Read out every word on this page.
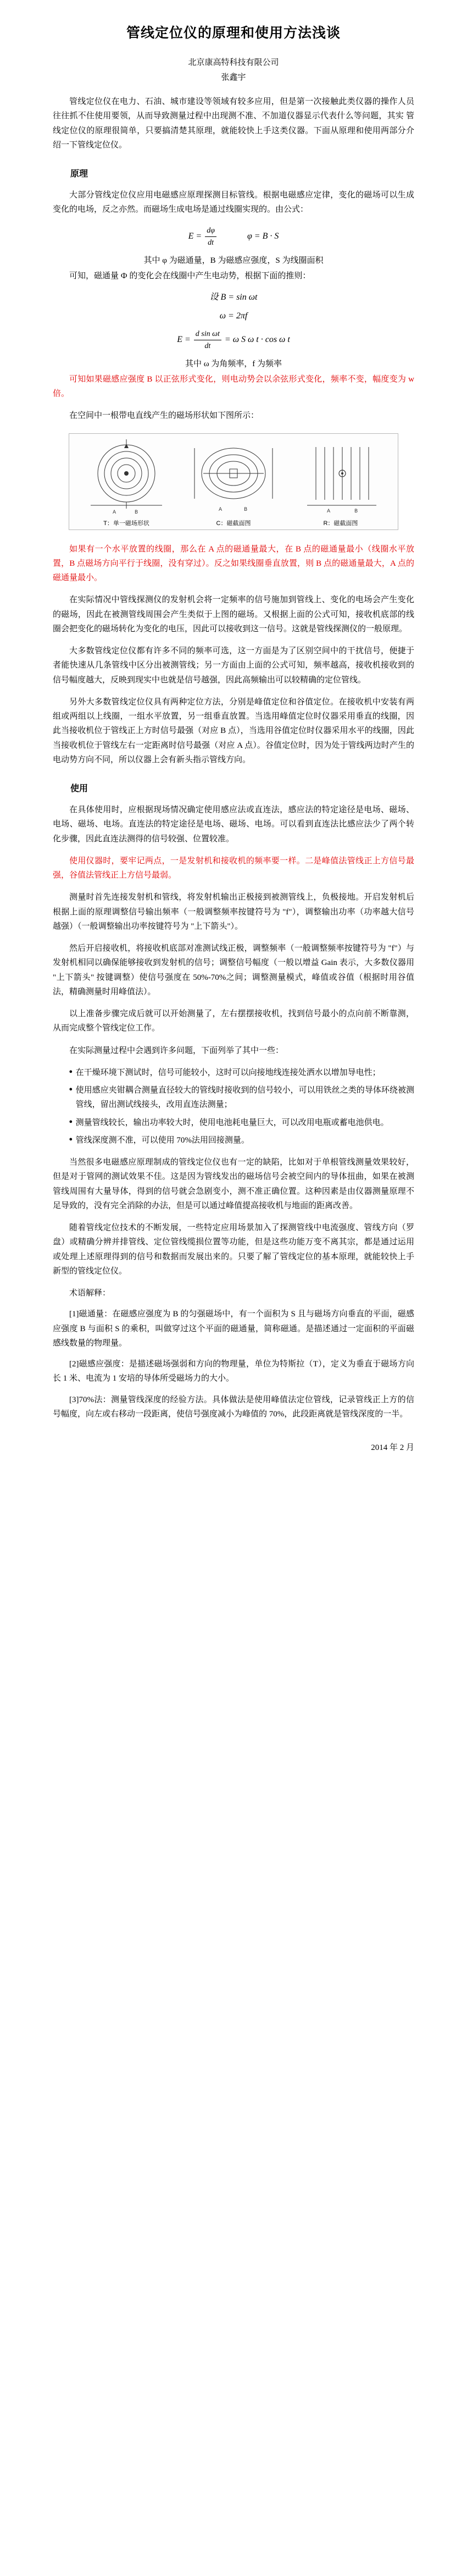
管线定位仪的原理和使用方法浅谈
北京康高特科技有限公司
张鑫宇

管线定位仪在电力、石油、城市建设等领域有较多应用，但是第一次接触此类仪器的操作人员往往抓不住使用要领，从而导致测量过程中出现测不准、不加道仪器显示代表什么等问题，其实 管线定位仪的原理很简单，只要搞清楚其原理，就能较快上手这类仪器。下面从原理和使用两部分介绍一下管线定位仪。

原理

大部分管线定位仪应用电磁感应原理探测目标管线。根据电磁感应定律，变化的磁场可以生成变化的电场，反之亦然。而磁场生成电场是通过线圈实现的。由公式：

$E = \frac{d\varphi}{dt}$	φ = B · S
其中 φ 为磁通量，B 为磁感应强度，S 为线圈面积

可知，磁通量 Ф 的变化会在线圈中产生电动势，根据下面的推则：

设 B = sin ωt
ω = 2πf
$E = \frac{\text{d sin ωt}}{dt} = \omega$ S ω t · cos ω t
其中 ω 为角频率，f 为频率

可知如果磁感应强度 B 以正弦形式变化，则电动势会以余弦形式变化，频率不变，幅度变为 w 倍。

在空间中一根带电直线产生的磁场形状如下图所示：

A	B
T：单一磁场形状
A	B
C：磁截面图
A	B
R：磁截面图

如果有一个水平放置的线圈，那么在 A 点的磁通量最大，在 B 点的磁通量最小（线圈水平放置，B 点磁场方向平行于线圈，没有穿过）。反之如果线圈垂直放置，则 B 点的磁通量最大，A 点的磁通量最小。

在实际情况中管线探测仪的发射机会将一定频率的信号施加到管线上、变化的电场会产生变化的磁场，因此在被测管线周围会产生类似于上图的磁场。又根据上面的公式可知，接收机底部的线圈会把变化的磁场转化为变化的电压，因此可以接收到这一信号。这就是管线探测仪的一般原理。

大多数管线定位仪都有许多不同的频率可选，这一方面是为了区别空间中的干扰信号，便捷于者能快速从几条管线中区分出被测管线；另一方面由上面的公式可知，频率越高，接收机接收到的信号幅度越大，反映到现实中也就是信号越强，因此高频输出可以较精确的定位管线。

另外大多数管线定位仪具有两种定位方法，分别是峰值定位和谷值定位。在接收机中安装有两组或两组以上线圈，一组水平放置，另一组垂直放置。当选用峰值定位时仪器采用垂直的线圈，因此当接收机位于管线正上方时信号最强（对应 B 点），当选用谷值定位时仪器采用水平的线圈，因此当接收机位于管线左右一定距离时信号最强（对应 A 点）。谷值定位时，因为处于管线两边时产生的电动势方向不同，所以仪器上会有新头指示管线方向。

使用

在具体使用时，应根据现场情况确定使用感应法或直连法，感应法的特定途径是电场、磁场、电场、磁场、电场。直连法的特定途径是电场、磁场、电场。可以看到直连法比感应法少了两个转化步骤，因此直连法测得的信号较强、位置较准。

使用仪器时，要牢记两点，一是发射机和接收机的频率要一样。二是峰值法管线正上方信号最强，谷值法管线正上方信号最弱。

测量时首先连接发射机和管线，将发射机输出正极接到被测管线上，负极接地。开启发射机后根据上面的原理调整信号输出频率（一般调整频率按键符号为 "f"），调整输出功率（功率越大信号越强）（一般调整输出功率按键符号为 "上下箭头"）。

然后开启接收机，将接收机底部对准测试线正极，调整频率（一般调整频率按键符号为 "f"）与发射机相同以确保能够接收到发射机的信号；调整信号幅度（一般以增益 Gain 表示，大多数仪器用 "上下箭头" 按键调整）使信号强度在 50%-70%之间；调整测量模式，峰值或谷值（根据时用谷值法，精确测量时用峰值法）。

以上准备步骤完成后就可以开始测量了，左右摆摆接收机，找到信号最小的点向前不断靠测，从而完成整个管线定位工作。

在实际测量过程中会遇到许多问题，下面列举了其中一些：

● 在干燥环境下测试时，信号可能较小，这时可以向接地线连接处洒水以增加导电性；
● 使用感应夹钳耦合测量直径较大的管线时接收到的信号较小，可以用铁丝之类的导体环绕被测管线，留出测试线接头，改用直连法测量；
● 测量管线较长，输出功率较大时，使用电池耗电量巨大，可以改用电瓶或蓄电池供电。
● 管线深度测不准，可以使用 70%法用回接测量。

当然很多电磁感应原理制成的管线定位仪也有一定的缺陷，比如对于单根管线测量效果较好，但是对于管网的测试效果不佳。这是因为管线发出的磁场信号会被空间内的导体扭曲，如果在被测管线周围有大量导体，得到的信号就会急剧变小，测不准正确位置。这种因素是由仪器测量原理不足导致的，没有完全消除的办法，但是可以通过峰值提高接收机与地面的距离改善。

随着管线定位技术的不断发展，一些特定应用场景加入了探测管线中电流强度、管线方向（罗盘）或精确分辨并排管线、定位管线缆损位置等功能，但是这些功能万变不离其宗，都是通过运用或处理上述原理得到的信号和数据而发展出来的。只要了解了管线定位的基本原理，就能较快上手新型的管线定位仪。

术语解释：

[1]磁通量：在磁感应强度为 B 的匀强磁场中，有一个面积为 S 且与磁场方向垂直的平面，磁感应强度 B 与面积 S 的乘积，叫做穿过这个平面的磁通量，简称磁通。是描述通过一定面积的平面磁感线数量的物理量。

[2]磁感应强度：是描述磁场强弱和方向的物理量，单位为特斯拉（T），定义为垂直于磁场方向长 1 米、电流为 1 安培的导体所受磁场力的大小。

[3]70%法：测量管线深度的经验方法。具体做法是使用峰值法定位管线，记录管线正上方的信号幅度，向左或右移动一段距离，使信号强度减小为峰值的 70%，此段距离就是管线深度的一半。

2014 年 2 月
